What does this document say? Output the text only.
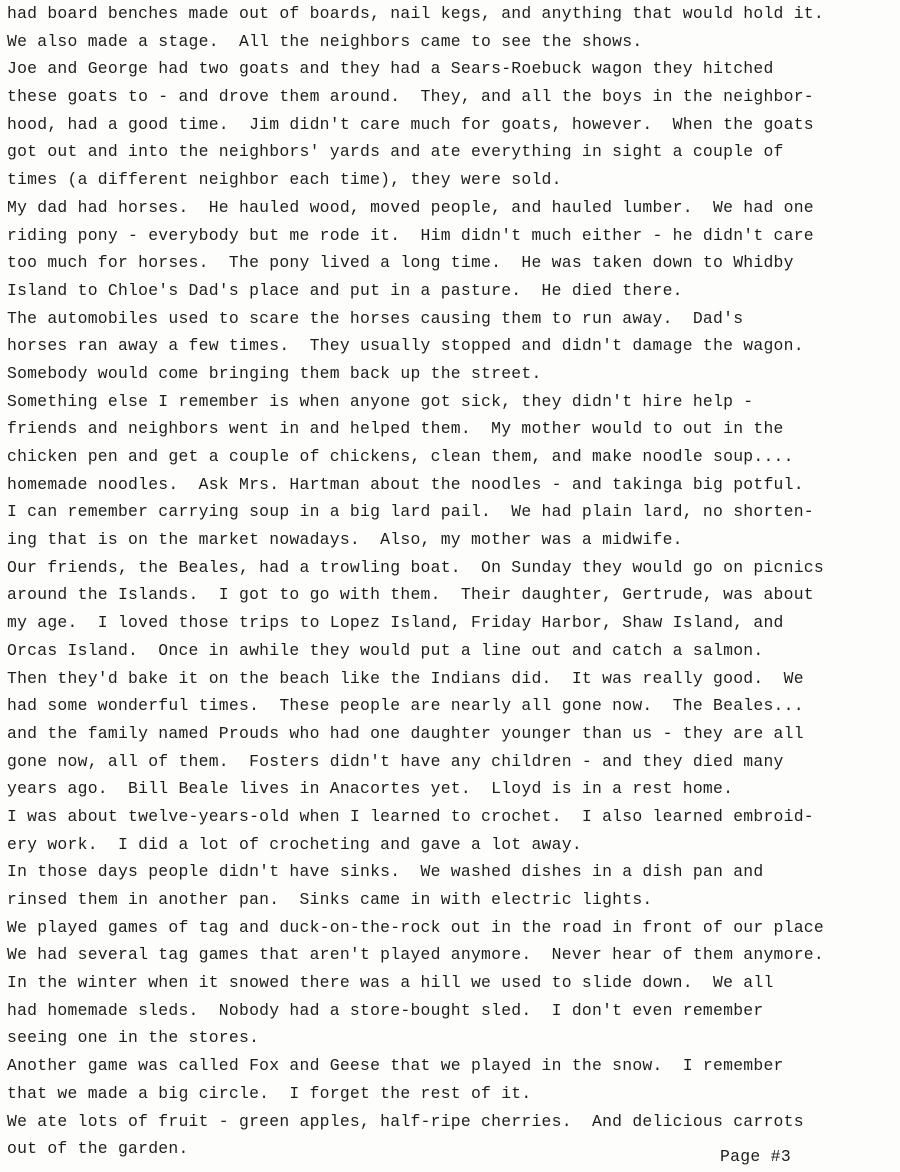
had board benches made out of boards, nail kegs, and anything that would hold it.
We also made a stage.  All the neighbors came to see the shows.
Joe and George had two goats and they had a Sears-Roebuck wagon they hitched
these goats to - and drove them around.  They, and all the boys in the neighbor-
hood, had a good time.  Jim didn't care much for goats, however.  When the goats
got out and into the neighbors' yards and ate everything in sight a couple of
times (a different neighbor each time), they were sold.
My dad had horses.  He hauled wood, moved people, and hauled lumber.  We had one
riding pony - everybody but me rode it.  Him didn't much either - he didn't care
too much for horses.  The pony lived a long time.  He was taken down to Whidby
Island to Chloe's Dad's place and put in a pasture.  He died there.
The automobiles used to scare the horses causing them to run away.  Dad's
horses ran away a few times.  They usually stopped and didn't damage the wagon.
Somebody would come bringing them back up the street.
Something else I remember is when anyone got sick, they didn't hire help -
friends and neighbors went in and helped them.  My mother would to out in the
chicken pen and get a couple of chickens, clean them, and make noodle soup....
homemade noodles.  Ask Mrs. Hartman about the noodles - and takinga big potful.
I can remember carrying soup in a big lard pail.  We had plain lard, no shorten-
ing that is on the market nowadays.  Also, my mother was a midwife.
Our friends, the Beales, had a trowling boat.  On Sunday they would go on picnics
around the Islands.  I got to go with them.  Their daughter, Gertrude, was about
my age.  I loved those trips to Lopez Island, Friday Harbor, Shaw Island, and
Orcas Island.  Once in awhile they would put a line out and catch a salmon.
Then they'd bake it on the beach like the Indians did.  It was really good.  We
had some wonderful times.  These people are nearly all gone now.  The Beales...
and the family named Prouds who had one daughter younger than us - they are all
gone now, all of them.  Fosters didn't have any children - and they died many
years ago.  Bill Beale lives in Anacortes yet.  Lloyd is in a rest home.
I was about twelve-years-old when I learned to crochet.  I also learned embroid-
ery work.  I did a lot of crocheting and gave a lot away.
In those days people didn't have sinks.  We washed dishes in a dish pan and
rinsed them in another pan.  Sinks came in with electric lights.
We played games of tag and duck-on-the-rock out in the road in front of our place
We had several tag games that aren't played anymore.  Never hear of them anymore.
In the winter when it snowed there was a hill we used to slide down.  We all
had homemade sleds.  Nobody had a store-bought sled.  I don't even remember
seeing one in the stores.
Another game was called Fox and Geese that we played in the snow.  I remember
that we made a big circle.  I forget the rest of it.
We ate lots of fruit - green apples, half-ripe cherries.  And delicious carrots
out of the garden.	Page #3
